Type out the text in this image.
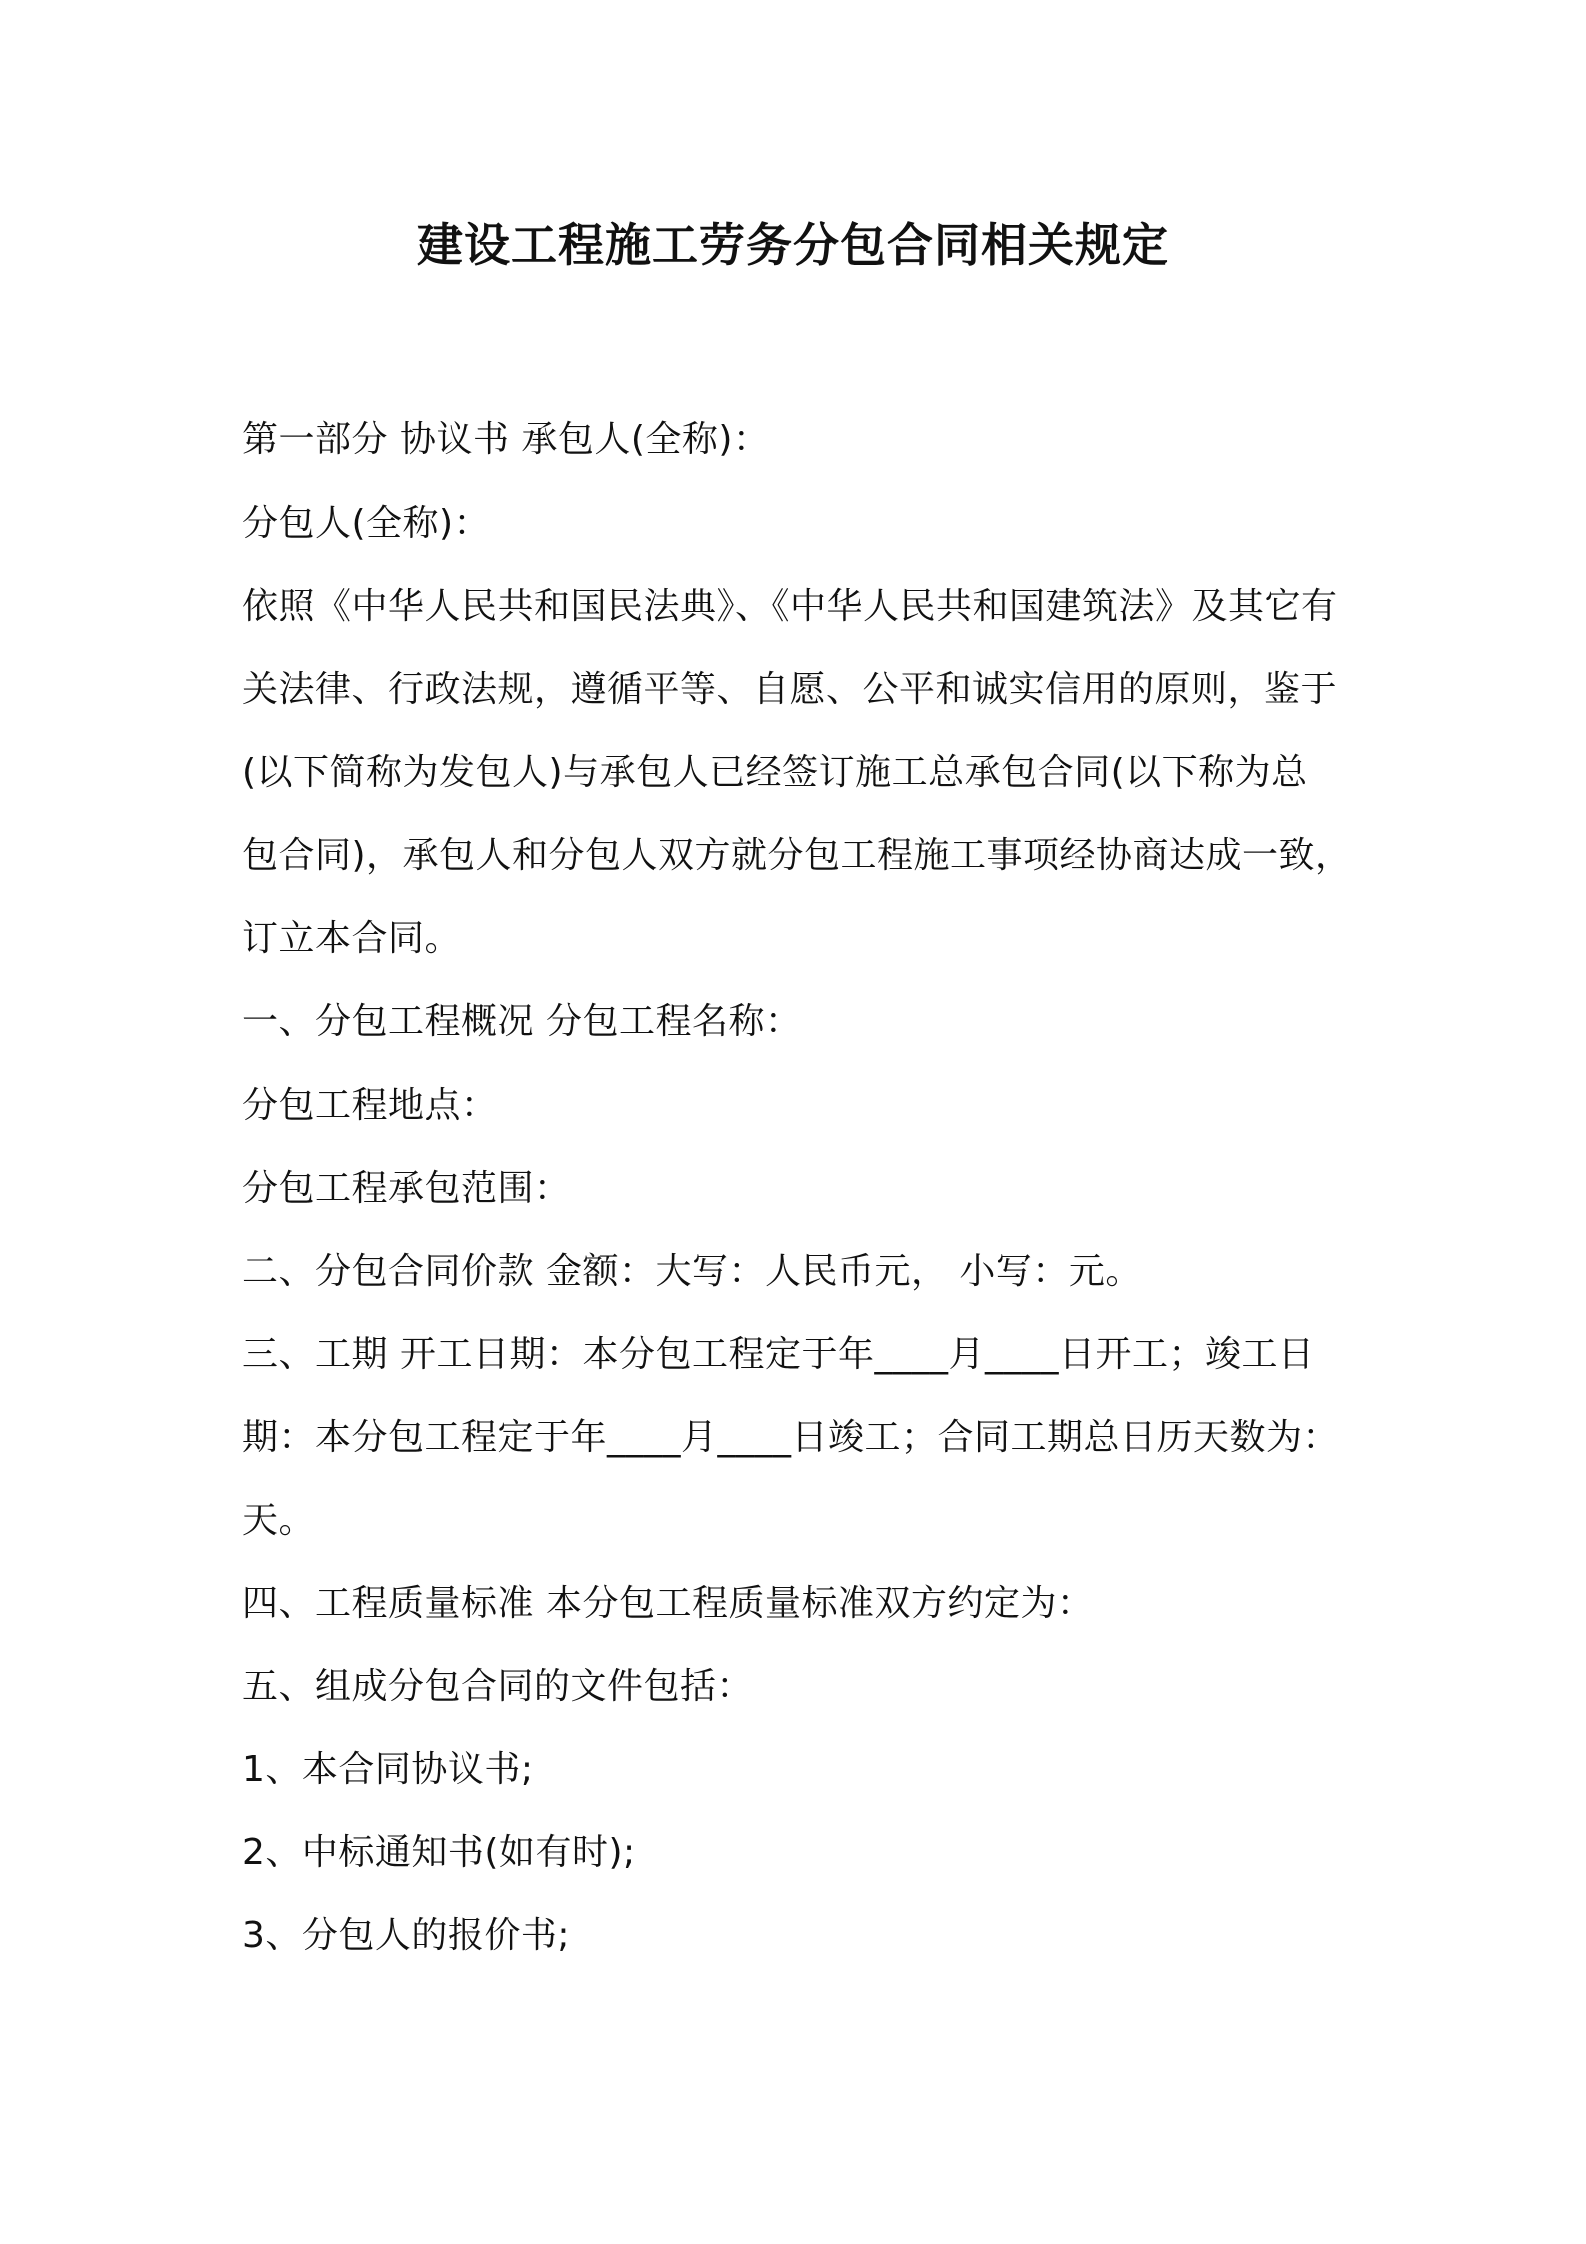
建设工程施工劳务分包合同相关规定
第一部分 协议书 承包人(全称)：
分包人(全称)：
依照《中华人民共和国民法典》、《中华人民共和国建筑法》及其它有
关法律、行政法规，遵循平等、自愿、公平和诚实信用的原则，鉴于
(以下简称为发包人)与承包人已经签订施工总承包合同(以下称为总
包合同)，承包人和分包人双方就分包工程施工事项经协商达成一致，
订立本合同。
一、分包工程概况 分包工程名称：
分包工程地点：
分包工程承包范围：
二、分包合同价款 金额：大写：人民币元， 小写：元。
三、工期 开工日期：本分包工程定于年____月____日开工；竣工日
期：本分包工程定于年____月____日竣工；合同工期总日历天数为：
天。
四、工程质量标准 本分包工程质量标准双方约定为：
五、组成分包合同的文件包括：
1、本合同协议书;
2、中标通知书(如有时);
3、分包人的报价书;
